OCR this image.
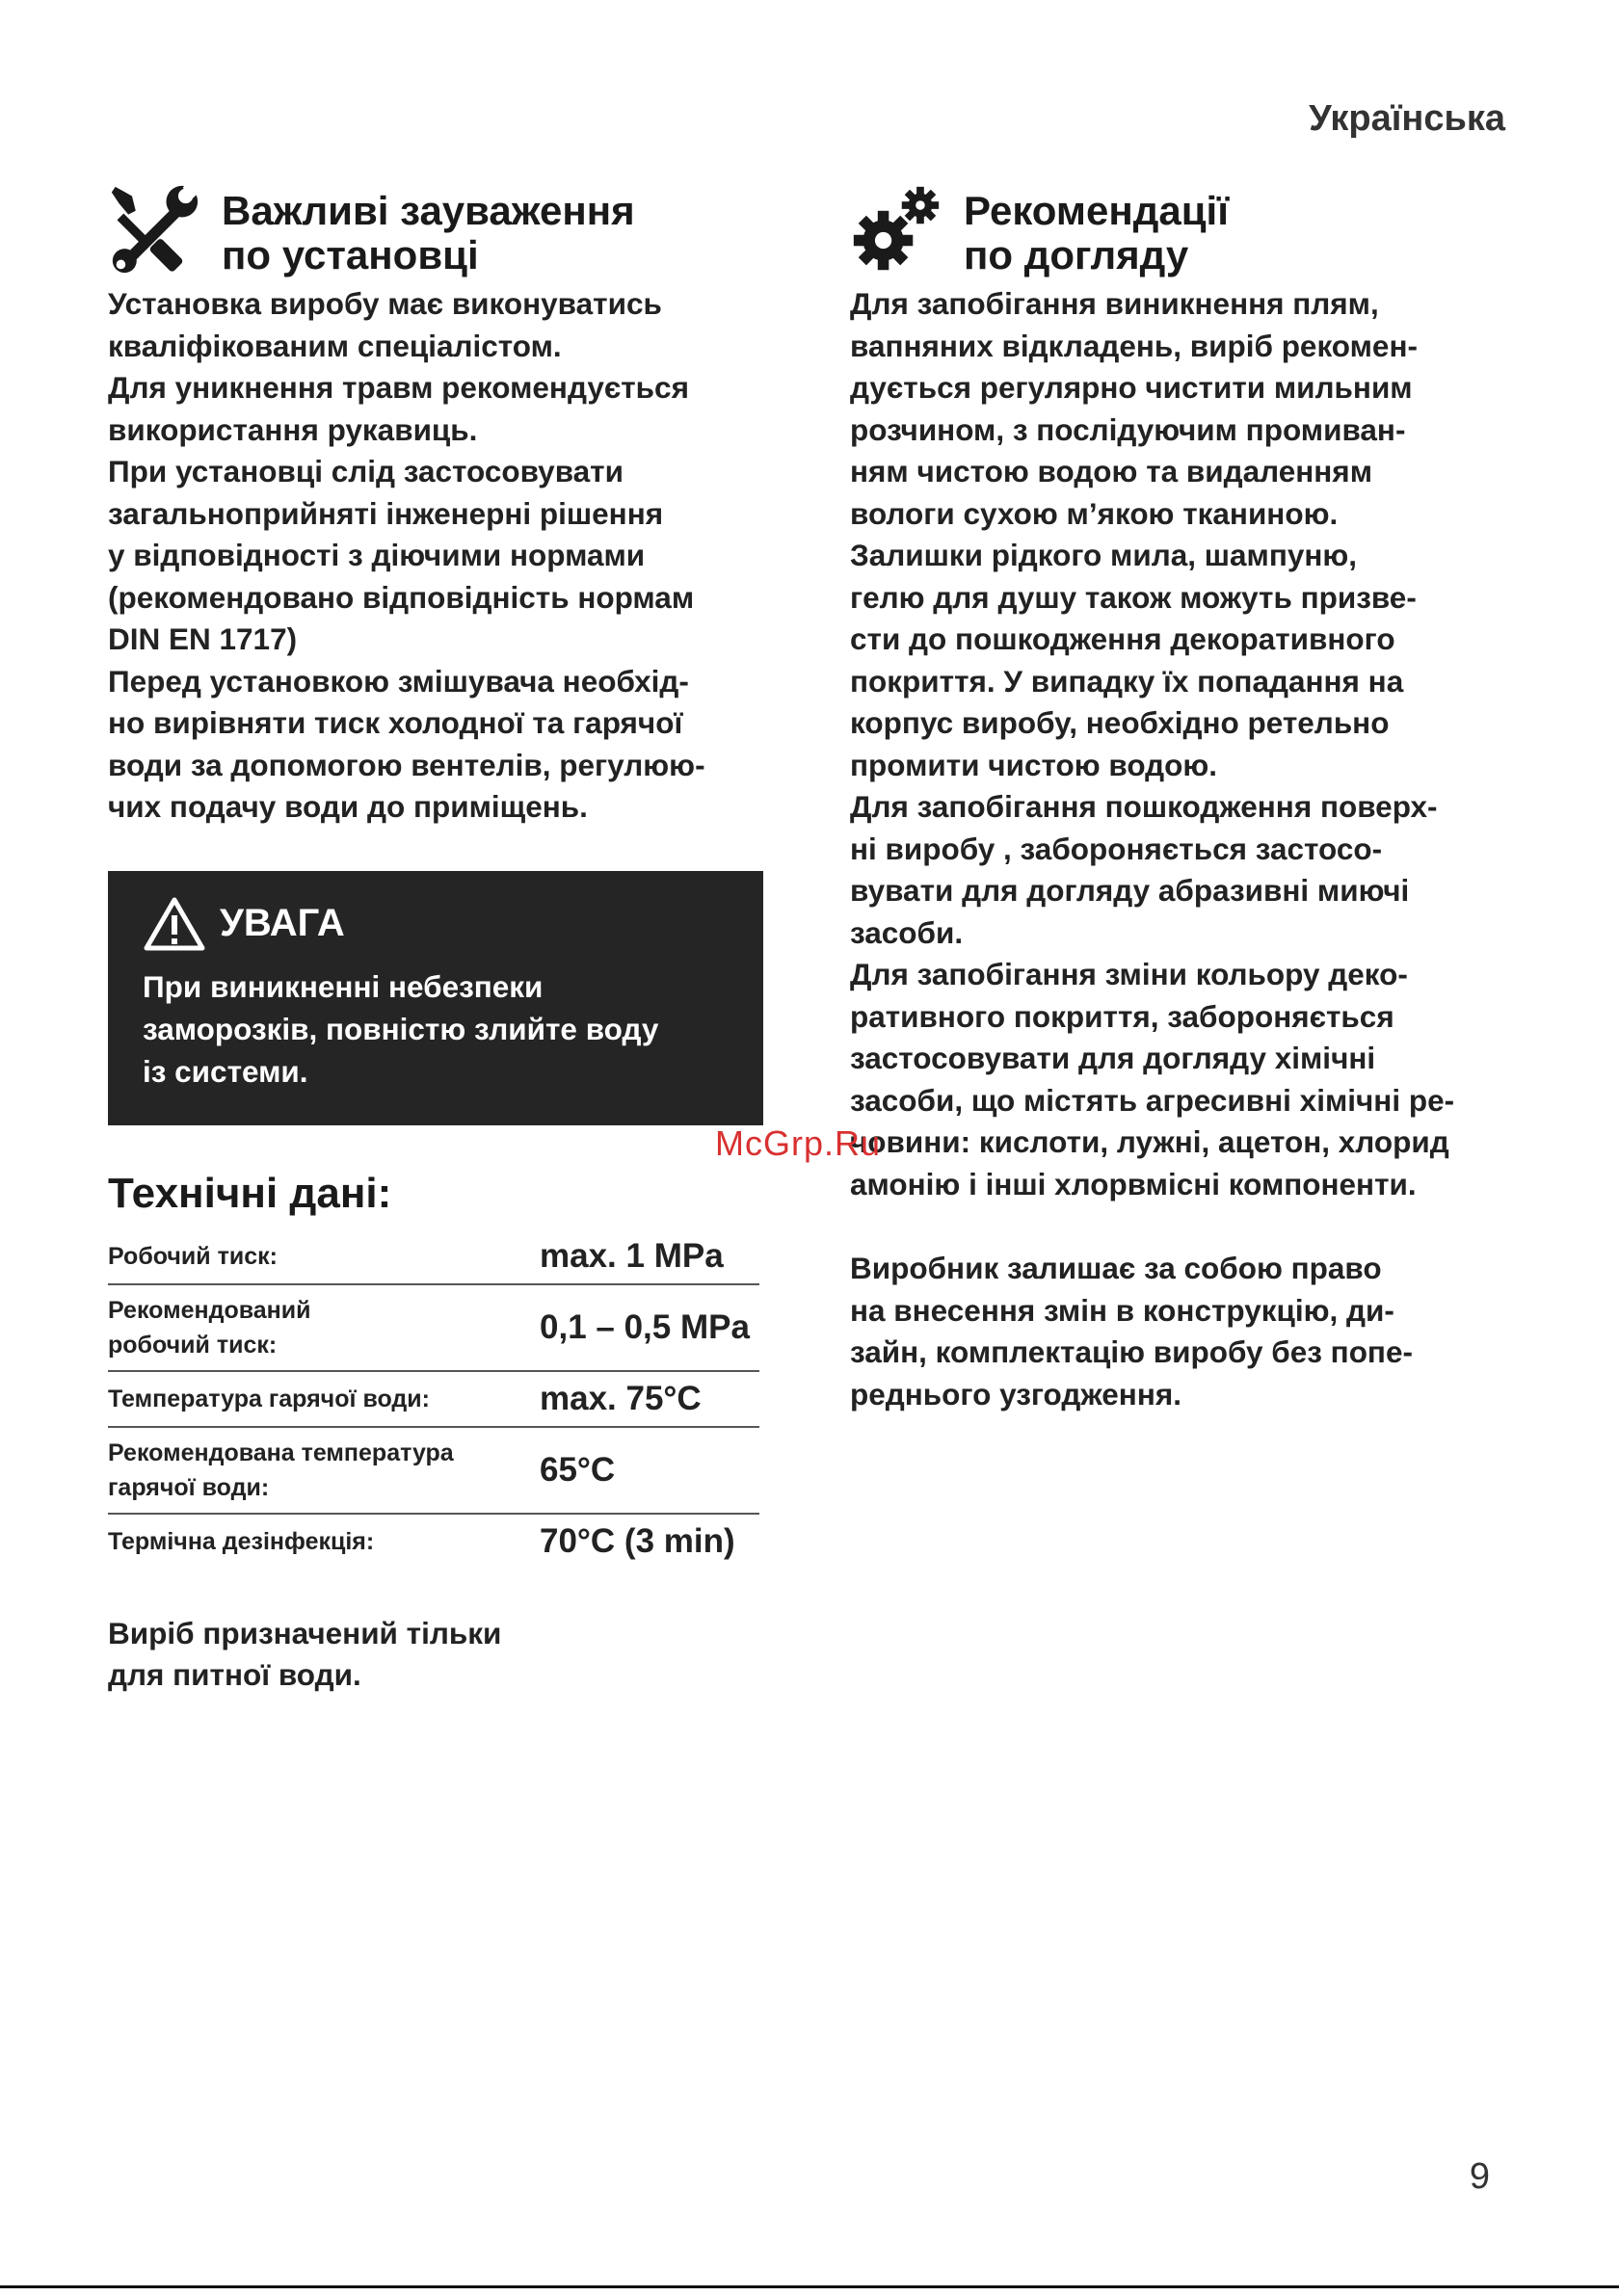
Українська
Важливі зауваження
по установці

Установка виробу має виконуватись

кваліфікованим спеціалістом.

Для уникнення травм рекомендується

використання рукавиць.

При установці слід застосовувати

загальноприйняті інженерні рішення

у відповідності з діючими нормами

(рекомендовано відповідність нормам

DIN EN 1717)

Перед установкою змішувача необхід-

но вирівняти тиск холодної та гарячої

води за допомогою вентелів, регулюю-

чих подачу води до приміщень.

УВАГА

При виникненні небезпеки

заморозків, повністю злийте воду

із системи.

Технічні дані:
Робочий тиск:	max. 1 MPa

Рекомендований
робочий тиск:	0,1 – 0,5 MPa

Температура гарячої води:	max. 75°C

Рекомендована температура
гарячої води:	65°C

Термічна дезінфекція:	70°C (3 min)

Виріб призначений тільки

для питної води.

Рекомендації
по догляду

Для запобігання виникнення плям,

вапняних відкладень, виріб рекомен-

дується регулярно чистити мильним

розчином, з послідуючим промиван-

ням чистою водою та видаленням

вологи сухою м’якою тканиною.

Залишки рідкого мила, шампуню,

гелю для душу також можуть призве-

сти до пошкодження декоративного

покриття. У випадку їх попадання на

корпус виробу, необхідно ретельно

промити чистою водою.

Для запобігання пошкодження поверх-

ні виробу , забороняється застосо-

вувати для догляду абразивні миючі

засоби.

Для запобігання зміни кольору деко-

ративного покриття, забороняється

застосовувати для догляду хімічні

засоби, що містять агресивні хімічні ре-

човини: кислоти, лужні, ацетон, хлорид

амонію і інші хлорвмісні компоненти.

Виробник залишає за собою право

на внесення змін в конструкцію, ди-

зайн, комплектацію виробу без попе-

реднього узгодження.

McGrp.Ru
9
